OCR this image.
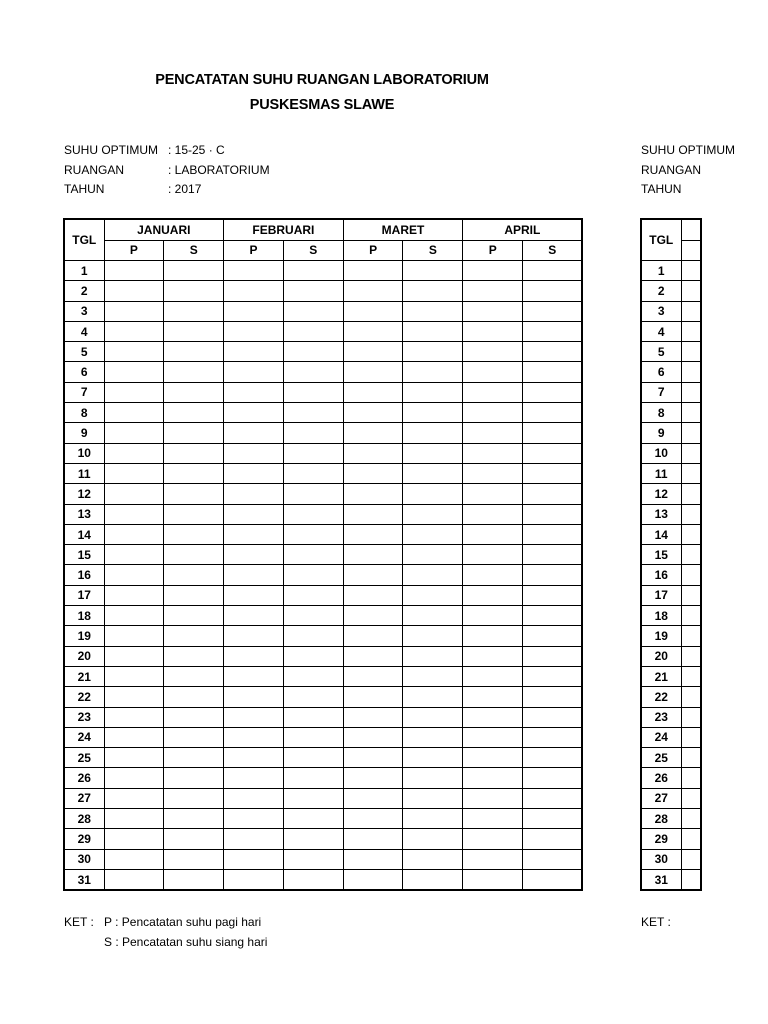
PENCATATAN SUHU RUANGAN LABORATORIUM
PUSKESMAS SLAWE
SUHU OPTIMUM : 15-25 · C
RUANGAN	: LABORATORIUM
TAHUN	: 2017
SUHU OPTIMUM
RUANGAN
TAHUN
TGL	JANUARI		FEBRUARI		MARET		APRIL	
	P	S	P	S	P	S	P	S
1								
2								
3								
4								
5								
6								
7								
8								
9								
10								
11								
12								
13								
14								
15								
16								
17								
18								
19								
20								
21								
22								
23								
24								
25								
26								
27								
28								
29								
30								
31								
TGL	

1	
2	
3	
4	
5	
6	
7	
8	
9	
10	
11	
12	
13	
14	
15	
16	
17	
18	
19	
20	
21	
22	
23	
24	
25	
26	
27	
28	
29	
30	
31	
KET : P : Pencatatan suhu pagi hari
S : Pencatatan suhu siang hari
KET :
